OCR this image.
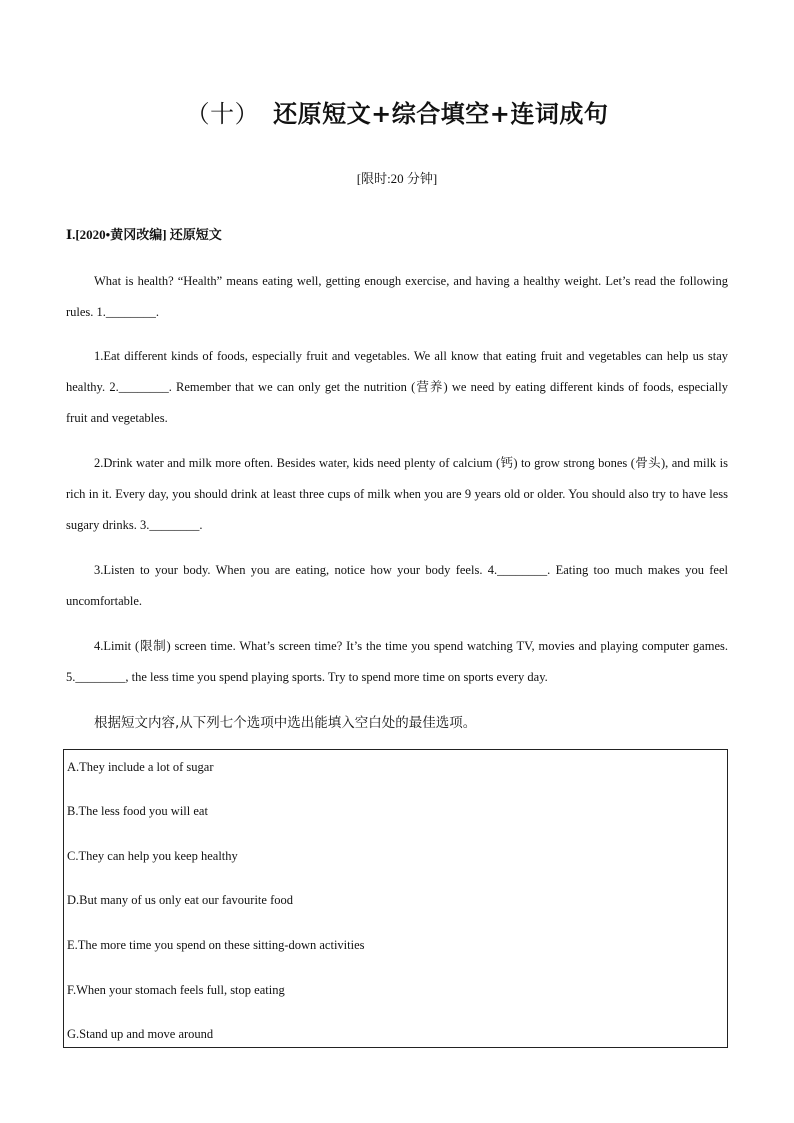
（十） 还原短文+综合填空+连词成句
[限时:20 分钟]
Ⅰ.[2020•黄冈改编] 还原短文
What is health? “Health” means eating well, getting enough exercise, and having a healthy weight. Let’s read the following rules. 1.________.
1.Eat different kinds of foods, especially fruit and vegetables. We all know that eating fruit and vegetables can help us stay healthy. 2.________. Remember that we can only get the nutrition (营养) we need by eating different kinds of foods, especially fruit and vegetables.
2.Drink water and milk more often. Besides water, kids need plenty of calcium (钙) to grow strong bones (骨头), and milk is rich in it. Every day, you should drink at least three cups of milk when you are 9 years old or older. You should also try to have less sugary drinks. 3.________.
3.Listen to your body. When you are eating, notice how your body feels. 4.________. Eating too much makes you feel uncomfortable.
4.Limit (限制) screen time. What’s screen time? It’s the time you spend watching TV, movies and playing computer games. 5.________, the less time you spend playing sports. Try to spend more time on sports every day.
根据短文内容,从下列七个选项中选出能填入空白处的最佳选项。
A.They include a lot of sugar
B.The less food you will eat
C.They can help you keep healthy
D.But many of us only eat our favourite food
E.The more time you spend on these sitting-down activities
F.When your stomach feels full, stop eating
G.Stand up and move around
